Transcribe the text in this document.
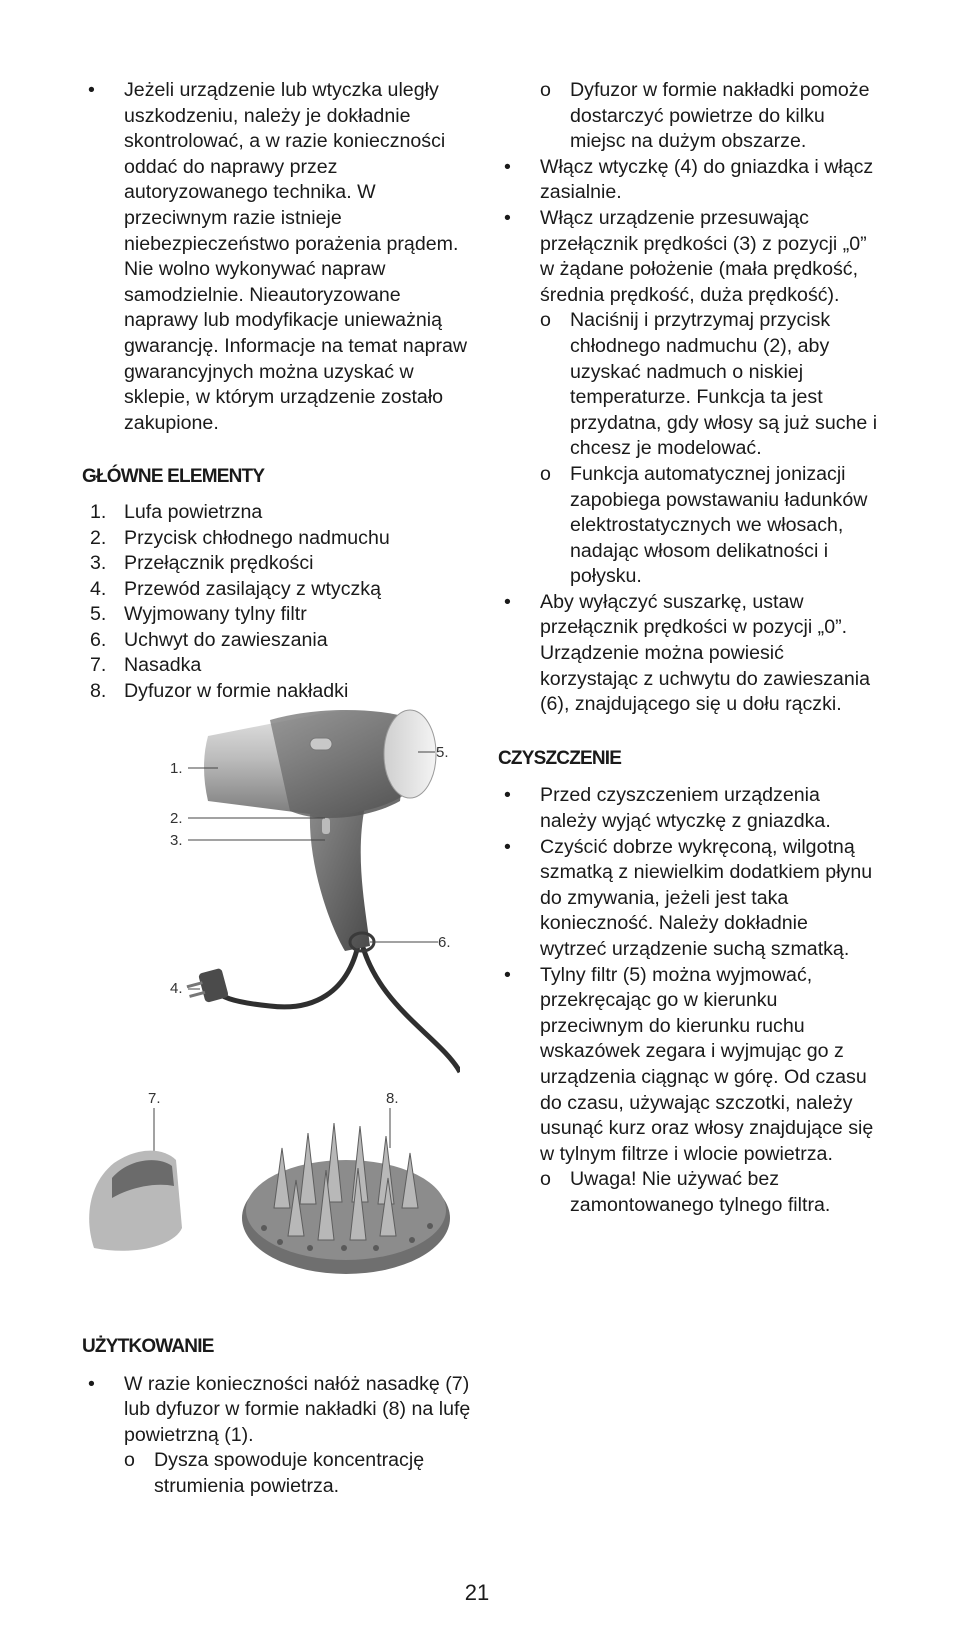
• Jeżeli urządzenie lub wtyczka uległy uszkodzeniu, należy je dokładnie skontrolować, a w razie konieczności oddać do naprawy przez autoryzowanego technika. W przeciwnym razie istnieje niebezpieczeństwo porażenia prądem. Nie wolno wykonywać napraw samodzielnie. Nieautoryzowane naprawy lub modyfikacje unieważnią gwarancję. Informacje na temat napraw gwarancyjnych można uzyskać w sklepie, w którym urządzenie zostało zakupione.
GŁÓWNE ELEMENTY
1. Lufa powietrzna
2. Przycisk chłodnego nadmuchu
3. Przełącznik prędkości
4. Przewód zasilający z wtyczką
5. Wyjmowany tylny filtr
6. Uchwyt do zawieszania
7. Nasadka
8. Dyfuzor w formie nakładki
1.
2.
3.
4.
5.
6.
7.	8.
UŻYTKOWANIE
• W razie konieczności nałóż nasadkę (7) lub dyfuzor w formie nakładki (8) na lufę powietrzną (1).
o Dysza spowoduje koncentrację strumienia powietrza.
o Dyfuzor w formie nakładki pomoże dostarczyć powietrze do kilku miejsc na dużym obszarze.
• Włącz wtyczkę (4) do gniazdka i włącz zasialnie.
• Włącz urządzenie przesuwając przełącznik prędkości (3) z pozycji „0” w żądane położenie (mała prędkość, średnia prędkość, duża prędkość).
o Naciśnij i przytrzymaj przycisk chłodnego nadmuchu (2), aby uzyskać nadmuch o niskiej temperaturze. Funkcja ta jest przydatna, gdy włosy są już suche i chcesz je modelować.
o Funkcja automatycznej jonizacji zapobiega powstawaniu ładunków elektrostatycznych we włosach, nadając włosom delikatności i połysku.
• Aby wyłączyć suszarkę, ustaw przełącznik prędkości w pozycji „0”. Urządzenie można powiesić korzystając z uchwytu do zawieszania (6), znajdującego się u dołu rączki.
CZYSZCZENIE
• Przed czyszczeniem urządzenia należy wyjąć wtyczkę z gniazdka.
• Czyścić dobrze wykręconą, wilgotną szmatką z niewielkim dodatkiem płynu do zmywania, jeżeli jest taka konieczność. Należy dokładnie wytrzeć urządzenie suchą szmatką.
• Tylny filtr (5) można wyjmować, przekręcając go w kierunku przeciwnym do kierunku ruchu wskazówek zegara i wyjmując go z urządzenia ciągnąc w górę. Od czasu do czasu, używając szczotki, należy usunąć kurz oraz włosy znajdujące się w tylnym filtrze i wlocie powietrza.
o Uwaga! Nie używać bez zamontowanego tylnego filtra.
21
